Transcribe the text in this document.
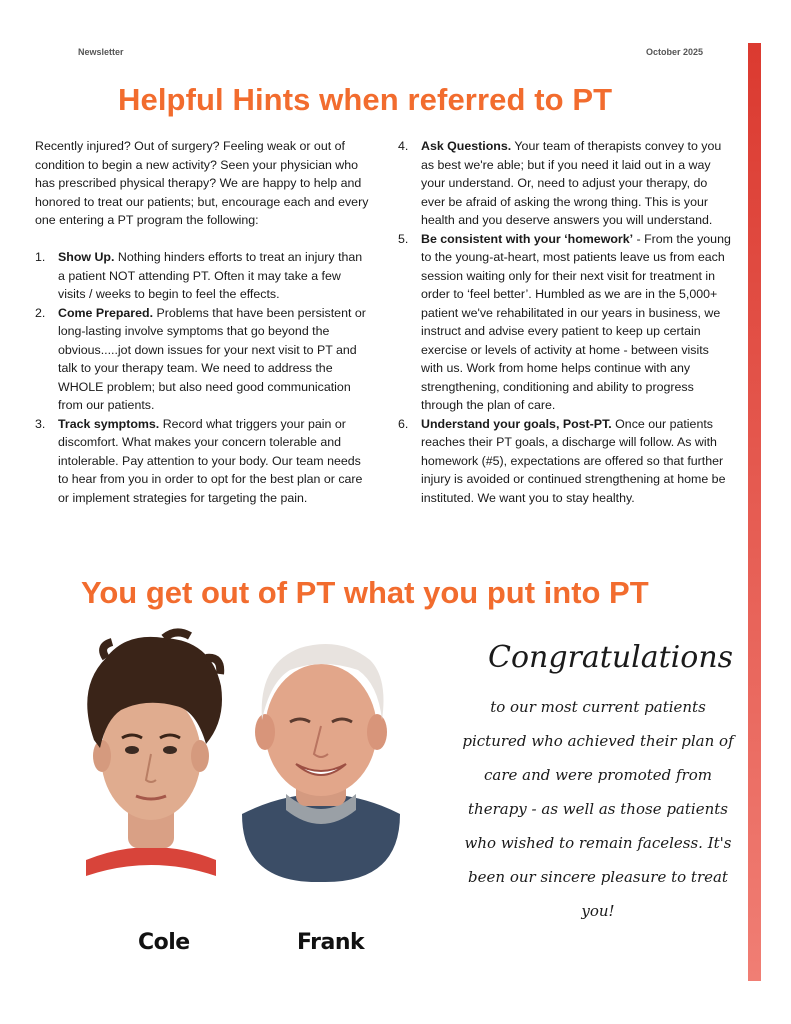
Newsletter	October 2025
Helpful Hints when referred to PT

Recently injured? Out of surgery? Feeling weak or out of condition to begin a new activity? Seen your physician who has prescribed physical therapy? We are happy to help and honored to treat our patients; but, encourage each and every one entering a PT program the following:

1. Show Up. Nothing hinders efforts to treat an injury than a patient NOT attending PT. Often it may take a few visits / weeks to begin to feel the effects.
2. Come Prepared. Problems that have been persistent or long-lasting involve symptoms that go beyond the obvious.....jot down issues for your next visit to PT and talk to your therapy team. We need to address the WHOLE problem; but also need good communication from our patients.
3. Track symptoms. Record what triggers your pain or discomfort. What makes your concern tolerable and intolerable. Pay attention to your body. Our team needs to hear from you in order to opt for the best plan or care or implement strategies for targeting the pain.
4. Ask Questions. Your team of therapists convey to you as best we're able; but if you need it laid out in a way your understand. Or, need to adjust your therapy, do ever be afraid of asking the wrong thing. This is your health and you deserve answers you will understand.
5. Be consistent with your ‘homework’ - From the young to the young-at-heart, most patients leave us from each session waiting only for their next visit for treatment in order to ‘feel better’. Humbled as we are in the 5,000+ patient we've rehabilitated in our years in business, we instruct and advise every patient to keep up certain exercise or levels of activity at home - between visits with us. Work from home helps continue with any strengthening, conditioning and ability to progress through the plan of care.
6. Understand your goals, Post-PT. Once our patients reaches their PT goals, a discharge will follow. As with homework (#5), expectations are offered so that further injury is avoided or continued strengthening at home be instituted. We want you to stay healthy.
You get out of PT what you put into PT
Cole	Frank
Congratulations
to our most current patients pictured who achieved their plan of care and were promoted from therapy - as well as those patients who wished to remain faceless. It's been our sincere pleasure to treat you!
